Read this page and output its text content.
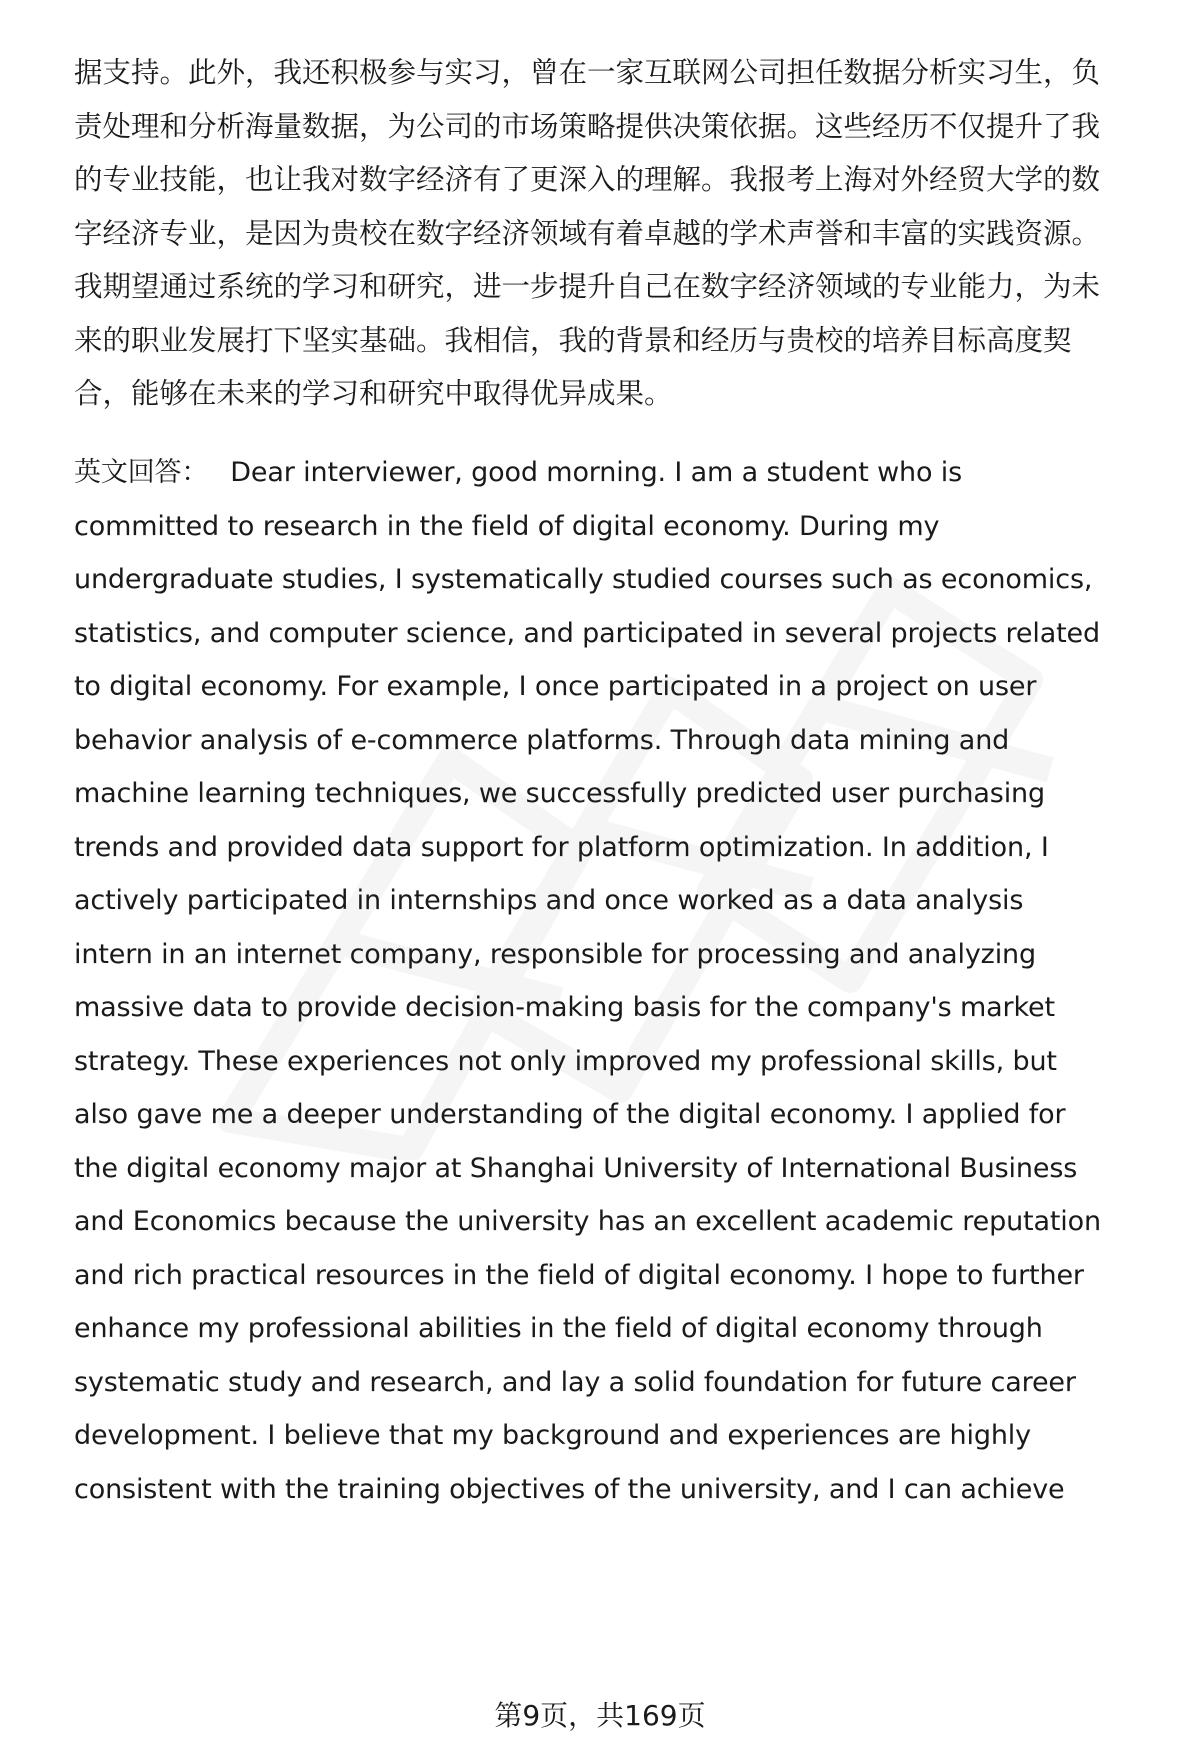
据支持。此外，我还积极参与实习，曾在一家互联网公司担任数据分析实习生，负
责处理和分析海量数据，为公司的市场策略提供决策依据。这些经历不仅提升了我
的专业技能，也让我对数字经济有了更深入的理解。我报考上海对外经贸大学的数
字经济专业，是因为贵校在数字经济领域有着卓越的学术声誉和丰富的实践资源。
我期望通过系统的学习和研究，进一步提升自己在数字经济领域的专业能力，为未
来的职业发展打下坚实基础。我相信，我的背景和经历与贵校的培养目标高度契
合，能够在未来的学习和研究中取得优异成果。
英文回答： Dear interviewer, good morning. I am a student who is
committed to research in the field of digital economy. During my
undergraduate studies, I systematically studied courses such as economics,
statistics, and computer science, and participated in several projects related
to digital economy. For example, I once participated in a project on user
behavior analysis of e-commerce platforms. Through data mining and
machine learning techniques, we successfully predicted user purchasing
trends and provided data support for platform optimization. In addition, I
actively participated in internships and once worked as a data analysis
intern in an internet company, responsible for processing and analyzing
massive data to provide decision-making basis for the company's market
strategy. These experiences not only improved my professional skills, but
also gave me a deeper understanding of the digital economy. I applied for
the digital economy major at Shanghai University of International Business
and Economics because the university has an excellent academic reputation
and rich practical resources in the field of digital economy. I hope to further
enhance my professional abilities in the field of digital economy through
systematic study and research, and lay a solid foundation for future career
development. I believe that my background and experiences are highly
consistent with the training objectives of the university, and I can achieve
第9页，共169页
